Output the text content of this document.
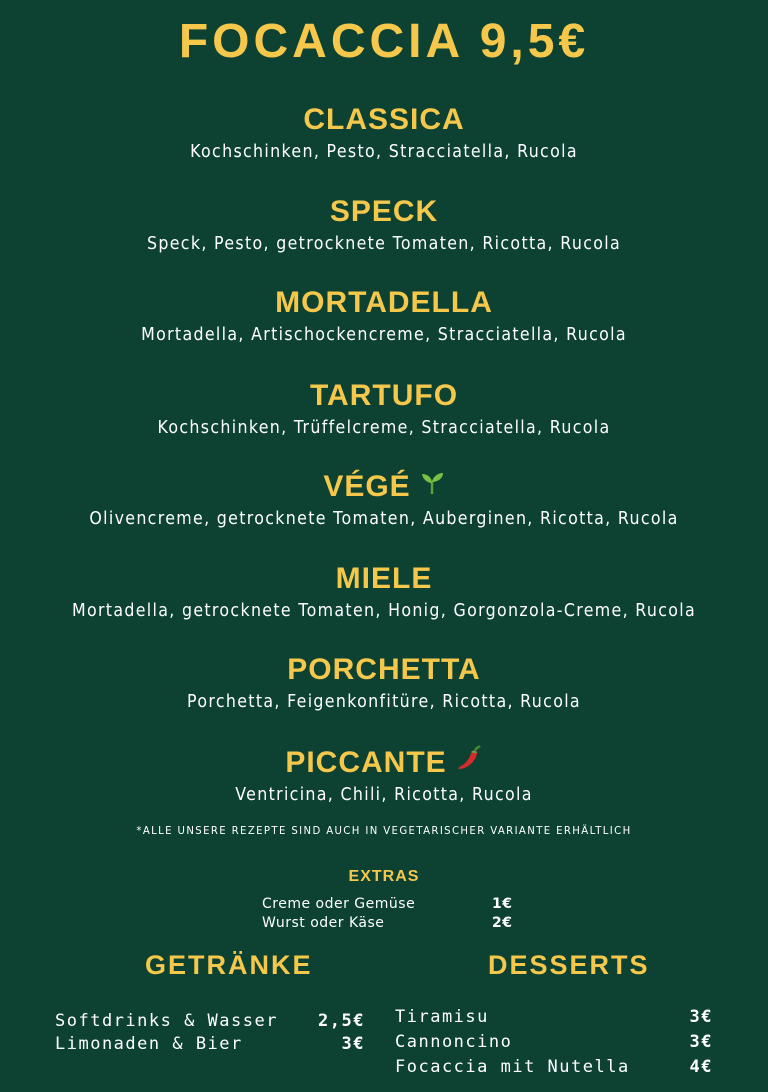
FOCACCIA 9,5€
CLASSICA
Kochschinken, Pesto, Stracciatella, Rucola
SPECK
Speck, Pesto, getrocknete Tomaten, Ricotta, Rucola
MORTADELLA
Mortadella, Artischockencreme, Stracciatella, Rucola
TARTUFO
Kochschinken, Trüffelcreme, Stracciatella, Rucola
VÉGÉ
Olivencreme, getrocknete Tomaten, Auberginen, Ricotta, Rucola
MIELE
Mortadella, getrocknete Tomaten, Honig, Gorgonzola-Creme, Rucola
PORCHETTA
Porchetta, Feigenkonfitüre, Ricotta, Rucola
PICCANTE
Ventricina, Chili, Ricotta, Rucola
*ALLE UNSERE REZEPTE SIND AUCH IN VEGETARISCHER VARIANTE ERHÄLTLICH
EXTRAS
Creme oder Gemüse	1€
Wurst oder Käse	2€
GETRÄNKE	DESSERTS
Softdrinks & Wasser 2,5€
Limonaden & Bier	3€
Tiramisu	3€
Cannoncino	3€
Focaccia mit Nutella	4€
